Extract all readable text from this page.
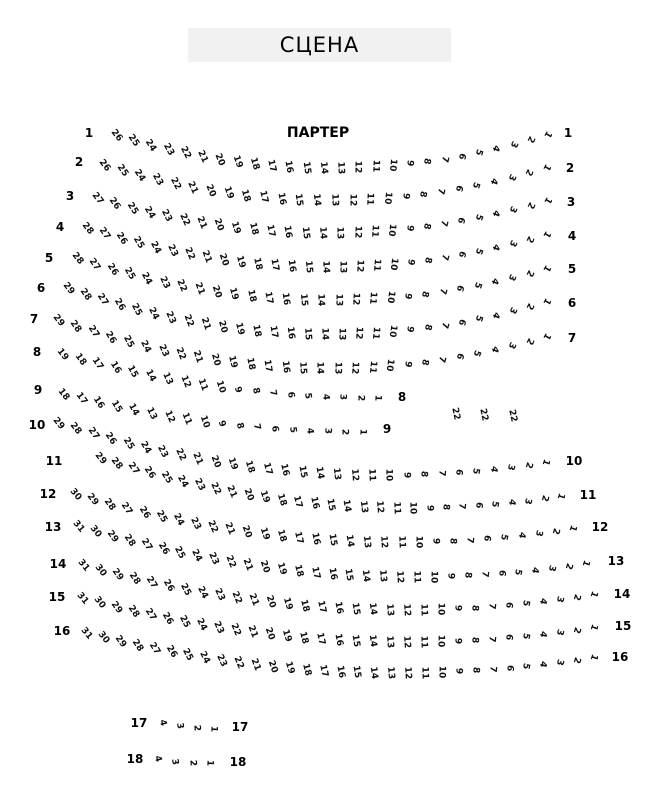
СЦЕНА
ПАРТЕР
1	1
26 25 24 23 22 21 20 19 18 17 16 15 14 13 12 11 10 9 8 7 6 5 4 3 2 1
2	2
26 25 24 23 22 21 20 19 18 17 16 15 14 13 12 11 10 9 8 7 6 5 4 3 2 1
3	3
27 26 25 24 23 22 21 20 19 18 17 16 15 14 13 12 11 10 9 8 7 6 5 4 3 2 1
4
4
28 27 26 25 24 23 22 21 20 19 18 17 16 15 14 13 12 11 10 9 8 7 6 5 4 3 2 1
5
5
28 27 26 25 24 23 22 21 20 19 18 17 16 15 14 13 12 11 10 9 8 7 6 5 4 3 2 1
6
6
29 28 27 26 25 24 23 22 21 20 19 18 17 16 15 14 13 12 11 10 9 8 7 6 5 4 3 2 1
7
7
29 28 27 26 25 24 23 22 21 20 19 18 17 16 15 14 13 12 11 10 9 8 7 6 5 4 3 2 1
8
8
19 18 17 16 15 14 13 12 11 10 9 8 7 6 5 4 3 2 1
9
9
18 17 16 15 14 13 12 11 10 9 8 7 6 5 4 3 2 1
10
10
29 28 27 26 25 24 23 22 21 20 19 18 17 16 15 14 13 12 11 10 9 8 7 6 5 4 3 2 1
11
11
29 28 27 26 25 24 23 22 21 20 19 18 17 16 15 14 13 12 11 10 9 8 7 6 5 4 3 2 1
12
12
30 29 28 27 26 25 24 23 22 21 20 19 18 17 16 15 14 13 12 11 10 9 8 7 6 5 4 3 2 1
13
13
31 30 29 28 27 26 25 24 23 22 21 20 19 18 17 16 15 14 13 12 11 10 9 8 7 6 5 4 3 2 1
14
14
31 30 29 28 27 26 25 24 23 22 21 20 19 18 17 16 15 14 13 12 11 10 9 8 7 6 5 4 3 2 1
15
15
31 30 29 28 27 26 25 24 23 22 21 20 19 18 17 16 15 14 13 12 11 10 9 8 7 6 5 4 3 2 1
16
16
31 30 29 28 27 26 25 24 23 22 21 20 19 18 17 16 15 14 13 12 11 10 9 8 7 6 5 4 3 2 1
17	17
4 3 2 1
18	18
4 3 2 1
22 22 22
